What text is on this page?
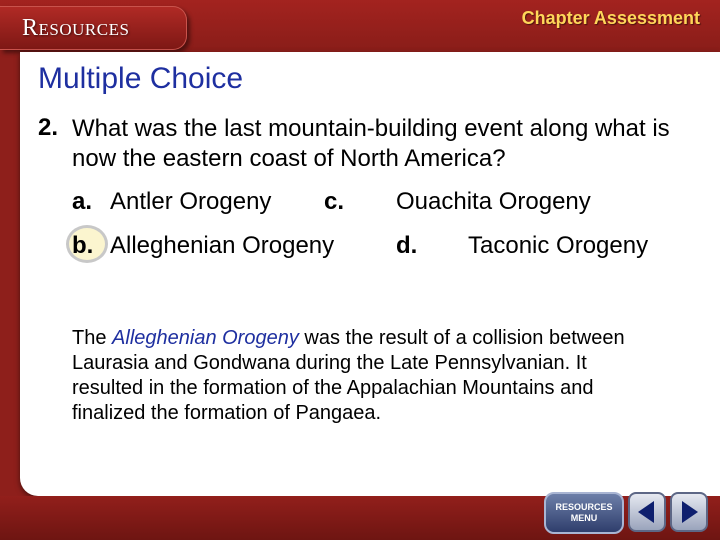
Resources	Chapter Assessment
Multiple Choice
2. What was the last mountain-building event along what is now the eastern coast of North America?
a. Antler Orogeny c. Ouachita Orogeny
b. Alleghenian Orogeny	d. Taconic Orogeny
The Alleghenian Orogeny was the result of a collision between Laurasia and Gondwana during the Late Pennsylvanian. It resulted in the formation of the Appalachian Mountains and finalized the formation of Pangaea.
RESOURCES MENU
